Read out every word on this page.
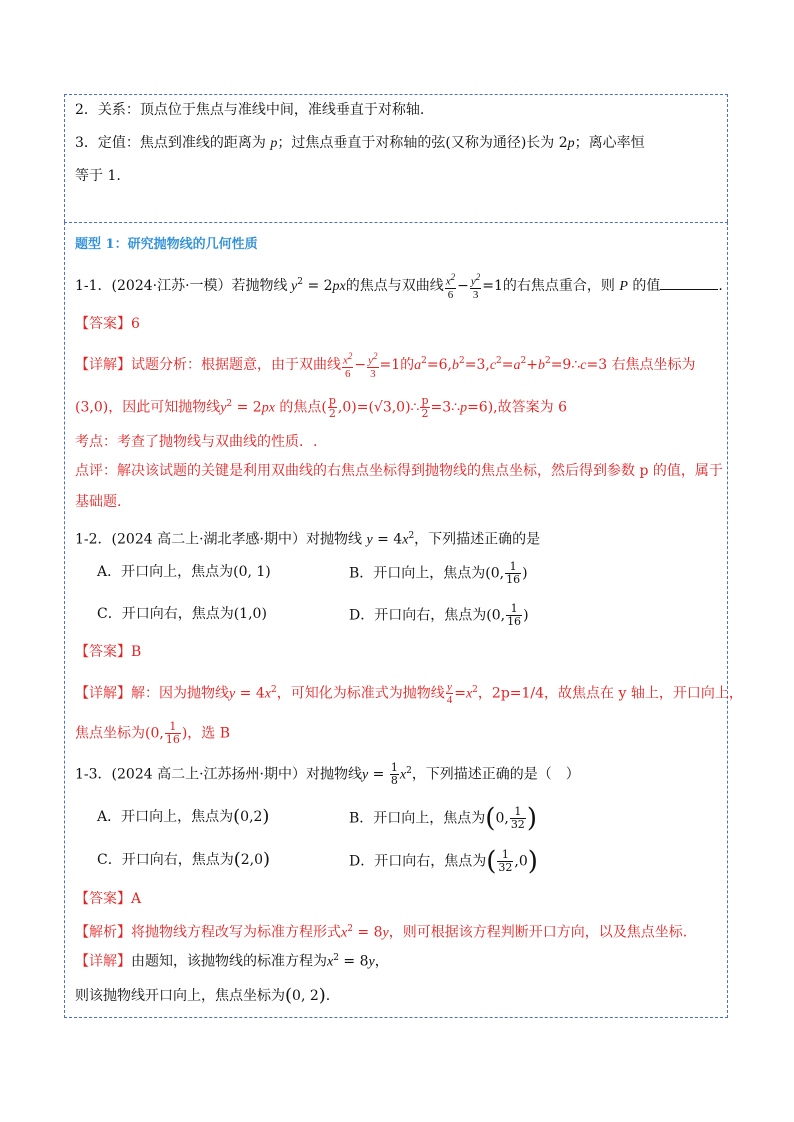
2．关系：顶点位于焦点与准线中间，准线垂直于对称轴.
3．定值：焦点到准线的距离为 p；过焦点垂直于对称轴的弦(又称为通径)长为 2p；离心率恒
等于 1.
题型 1：研究抛物线的几何性质
1-1．(2024·江苏·一模）若抛物线 $y^2 = 2px$的焦点与双曲线 $\frac{x^2}{6} - \frac{y^2}{3} =1$的右焦点重合，则 P 的值	.
【答案】6
【详解】试题分析：根据题意，由于双曲线 $\frac{x^2}{6} - \frac{y^2}{3} =1$的$a^2=6,b^2=3,c^2=a^2+b^2=9\therefore c=3$ 右焦点坐标为
(3,0)，因此可知抛物线$y^2 = 2px$ 的焦点( $\frac{p}{2}$ ,0)=(√3,0)∴ $\frac{p}{2}$ =3∴p=6),故答案为 6
考点：考查了抛物线与双曲线的性质．.
点评：解决该试题的关键是利用双曲线的右焦点坐标得到抛物线的焦点坐标，然后得到参数 p 的值，属于
基础题.
1-2．(2024 高二上·湖北孝感·期中）对抛物线 $y = 4x^2$，下列描述正确的是
A．开口向上，焦点为(0, 1)	B．开口向上，焦点为(0, $\frac{1}{16}$ )
C．开口向右，焦点为(1,0)	D．开口向右，焦点为(0, $\frac{1}{16}$ )
【答案】B
【详解】解：因为抛物线$y = 4x^2$，可知化为标准式为抛物线 $\frac{y}{4} =x^2$，2p=1/4，故焦点在 y 轴上，开口向上，
焦点坐标为(0, $\frac{1}{16}$ )，选 B
1-3．(2024 高二上·江苏扬州·期中）对抛物线$y = \frac{1}{8} x^2$，下列描述正确的是（　）
A．开口向上，焦点为(0,2)	B．开口向上，焦点为(0, $\frac{1}{32}$ )
C．开口向右，焦点为(2,0)	D．开口向右，焦点为( $\frac{1}{32} ,0$)
【答案】A
【解析】将抛物线方程改写为标准方程形式$x^2 = 8y$，则可根据该方程判断开口方向，以及焦点坐标.
【详解】由题知，该抛物线的标准方程为$x^2 = 8y$，
则该抛物线开口向上，焦点坐标为(0, 2).
